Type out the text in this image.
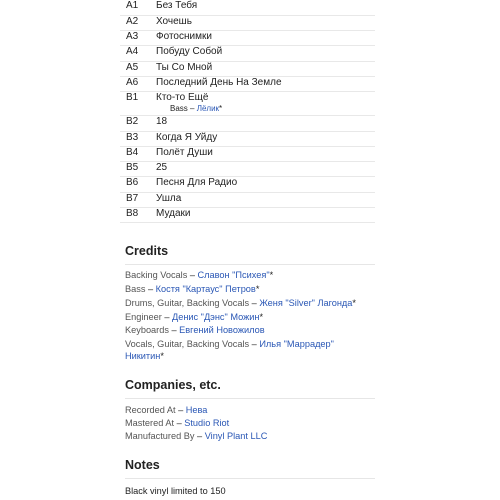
A1	Без Тебя
A2	Хочешь
A3	Фотоснимки
A4	Побуду Собой
A5	Ты Со Мной
A6	Последний День На Земле
B1	Кто-то Ещё
Bass – Лёлик*

B2	18
B3	Когда Я Уйду
B4	Полёт Души
B5	25
B6	Песня Для Радио
B7	Ушла
B8	Мудаки
Credits
Backing Vocals – Славон "Психея"*
Bass – Костя "Картаус" Петров*
Drums, Guitar, Backing Vocals – Женя "Silver" Лагонда*
Engineer – Денис "Дэнс" Можин*
Keyboards – Евгений Новожилов
Vocals, Guitar, Backing Vocals – Илья "Маррадер"
Никитин*
Companies, etc.
Recorded At – Нева
Mastered At – Studio Riot
Manufactured By – Vinyl Plant LLC
Notes
Black vinyl limited to 150
